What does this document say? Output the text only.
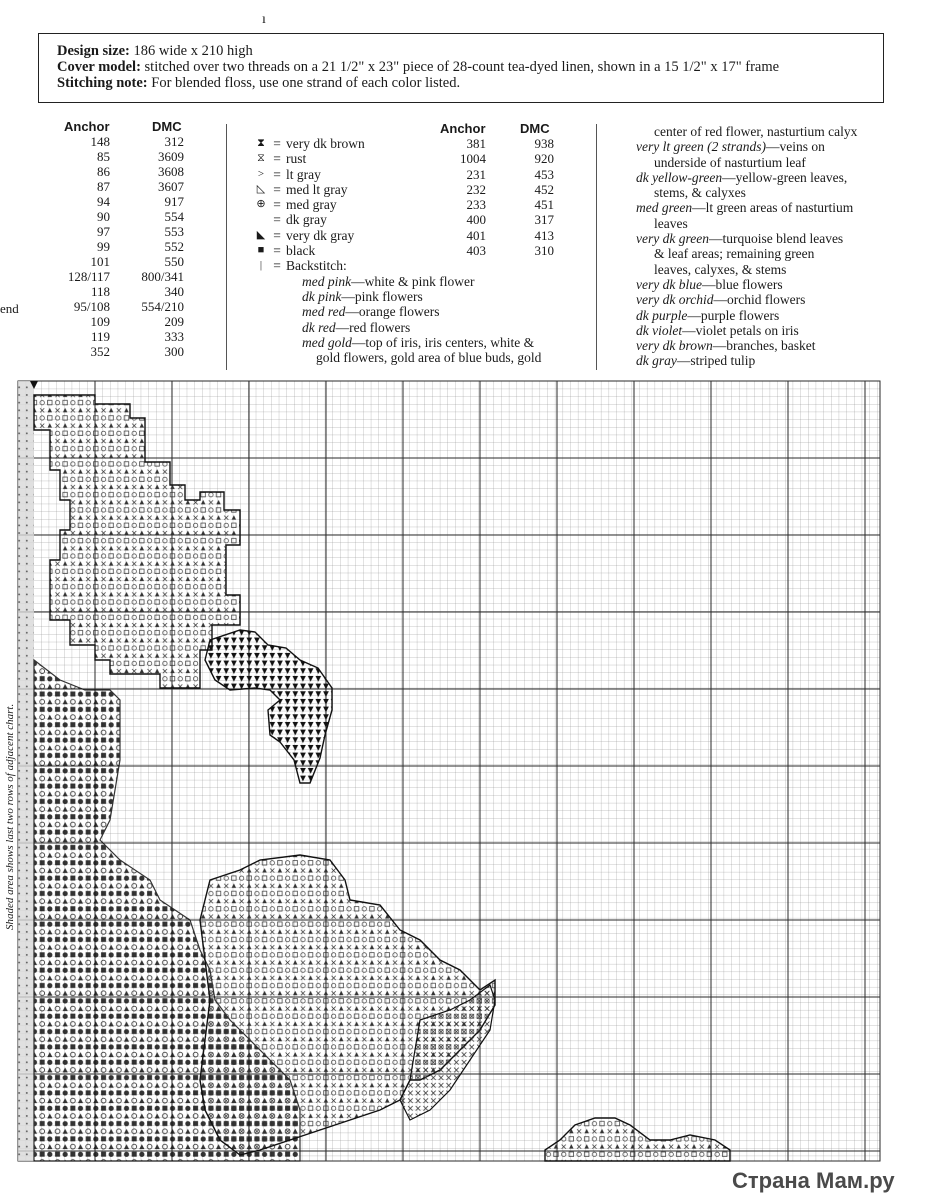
ı
Design size: 186 wide x 210 high
Cover model: stitched over two threads on a 21 1/2" x 23" piece of 28-count tea-dyed linen, shown in a 15 1/2" x 17" frame
Stitching note: For blended floss, use one strand of each color listed.
Anchor	DMC
148
85
86
87
94
90
97
99
101
128/117
118
95/108
109
119
352
312
3609
3608
3607
917
554
553
552
550
800/341
340
554/210
209
333
300
end
⧗ = very dk brown
⧖ = rust
> = lt gray
◺ = med lt gray
⊕ = med gray
= dk gray
◣ = very dk gray
■ = black
| = Backstitch:
med pink—white & pink flower
dk pink—pink flowers
med red—orange flowers
dk red—red flowers
med gold—top of iris, iris centers, white &
gold flowers, gold area of blue buds, gold
Anchor	DMC
381
1004
231
232
233
400
401
403
938
920
453
452
451
317
413
310
center of red flower, nasturtium calyx
very lt green (2 strands)—veins on
underside of nasturtium leaf
dk yellow-green—yellow-green leaves,
stems, & calyxes
med green—lt green areas of nasturtium
leaves
very dk green—turquoise blend leaves
& leaf areas; remaining green
leaves, calyxes, & stems
very dk blue—blue flowers
very dk orchid—orchid flowers
dk purple—purple flowers
dk violet—violet petals on iris
very dk brown—branches, basket
dk gray—striped tulip
Shaded area shows last two rows of adjacent chart.
Страна Мам.ру
